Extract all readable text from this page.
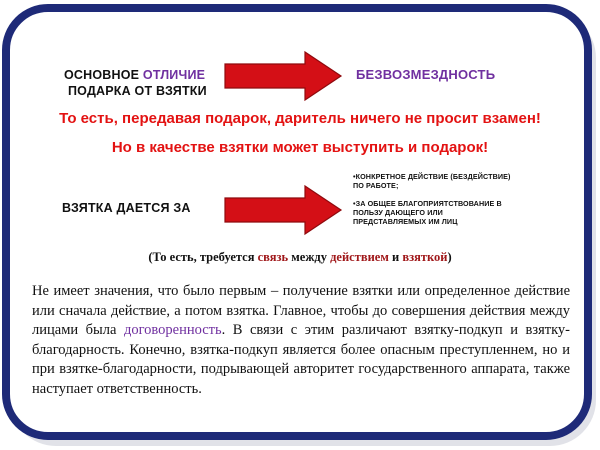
ОСНОВНОЕ ОТЛИЧИЕ
ПОДАРКА ОТ ВЗЯТКИ
БЕЗВОЗМЕЗДНОСТЬ
То есть, передавая подарок, даритель ничего не просит взамен!
Но в качестве взятки может выступить и подарок!
ВЗЯТКА ДАЕТСЯ ЗА
•КОНКРЕТНОЕ ДЕЙСТВИЕ (БЕЗДЕЙСТВИЕ)
ПО РАБОТЕ;
•ЗА ОБЩЕЕ БЛАГОПРИЯТСТВОВАНИЕ В
ПОЛЬЗУ ДАЮЩЕГО ИЛИ
ПРЕДСТАВЛЯЕМЫХ ИМ ЛИЦ
(То есть, требуется связь между действием и взяткой)
Не имеет значения, что было первым – получение взятки или определенное действие или сначала действие, а потом взятка. Главное, чтобы до совершения действия между лицами была договоренность. В связи с этим различают взятку-подкуп и взятку-благодарность. Конечно, взятка-подкуп является более опасным преступленнем, но и при взятке-благодарности, подрывающей авторитет государственного аппарата, также наступает ответственность.
